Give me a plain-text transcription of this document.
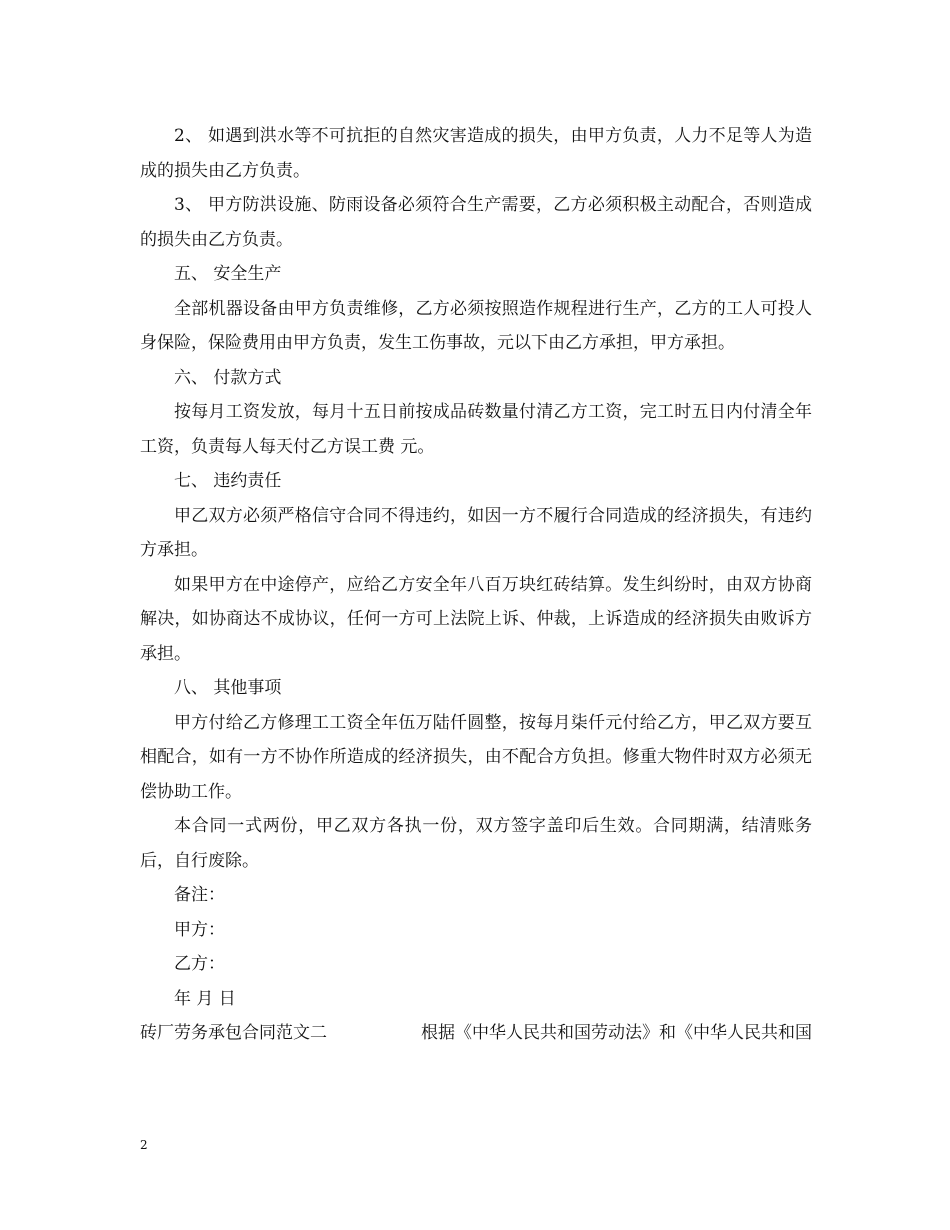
2、 如遇到洪水等不可抗拒的自然灾害造成的损失，由甲方负责，人力不足等人为造成的损失由乙方负责。

3、 甲方防洪设施、防雨设备必须符合生产需要，乙方必须积极主动配合，否则造成的损失由乙方负责。

五、 安全生产

全部机器设备由甲方负责维修，乙方必须按照造作规程进行生产，乙方的工人可投人身保险，保险费用由甲方负责，发生工伤事故，元以下由乙方承担，甲方承担。

六、 付款方式

按每月工资发放，每月十五日前按成品砖数量付清乙方工资，完工时五日内付清全年工资，负责每人每天付乙方误工费 元。

七、 违约责任

甲乙双方必须严格信守合同不得违约，如因一方不履行合同造成的经济损失，有违约方承担。

如果甲方在中途停产，应给乙方安全年八百万块红砖结算。发生纠纷时，由双方协商解决，如协商达不成协议，任何一方可上法院上诉、仲裁，上诉造成的经济损失由败诉方承担。

八、 其他事项

甲方付给乙方修理工工资全年伍万陆仟圆整，按每月柒仟元付给乙方，甲乙双方要互相配合，如有一方不协作所造成的经济损失，由不配合方负担。修重大物件时双方必须无偿协助工作。

本合同一式两份，甲乙双方各执一份，双方签字盖印后生效。合同期满，结清账务后，自行废除。

备注：

甲方：

乙方：

年 月 日

砖厂劳务承包合同范文二	根据《中华人民共和国劳动法》和《中华人民共和国
2
